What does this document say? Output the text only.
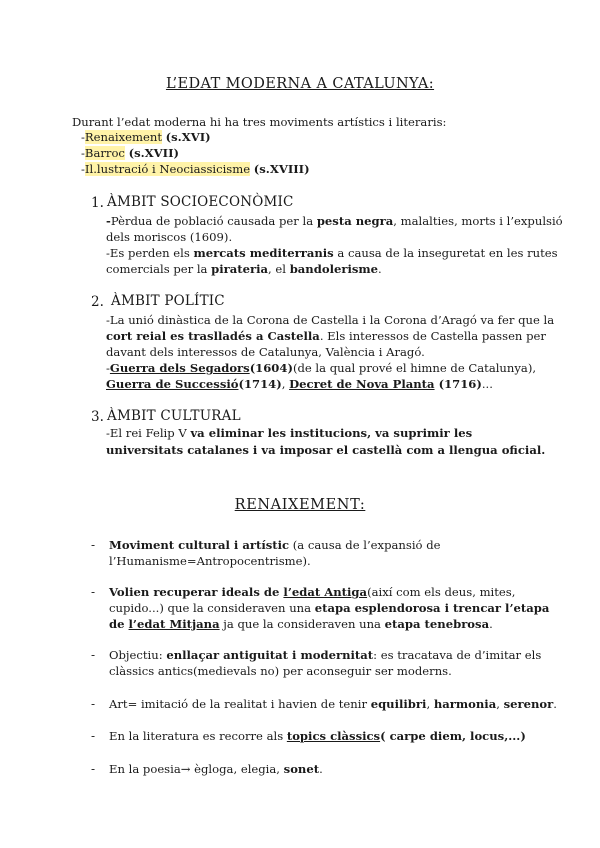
L’EDAT MODERNA A CATALUNYA:
Durant l’edat moderna hi ha tres moviments artístics i literaris:
-Renaixement (s.XVI)
-Barroc (s.XVII)
-Il.lustració i Neociassicisme (s.XVIII)
1. ÀMBIT SOCIOECONÒMIC
-Pèrdua de població causada per la pesta negra, malalties, morts i l’expulsió
dels moriscos (1609).
-Es perden els mercats mediterranis a causa de la inseguretat en les rutes
comercials per la pirateria, el bandolerisme.
2. ÀMBIT POLÍTIC
-La unió dinàstica de la Corona de Castella i la Corona d’Aragó va fer que la
cort reial es traslladés a Castella. Els interessos de Castella passen per
davant dels interessos de Catalunya, València i Aragó.
-Guerra dels Segadors(1604)(de la qual prové el himne de Catalunya),
Guerra de Successió(1714), Decret de Nova Planta (1716)...
3. ÀMBIT CULTURAL
-El rei Felip V va eliminar les institucions, va suprimir les
universitats catalanes i va imposar el castellà com a llengua oficial.
RENAIXEMENT:
- Moviment cultural i artístic (a causa de l’expansió de
l’Humanisme=Antropocentrisme).
- Volien recuperar ideals de l’edat Antiga(així com els deus, mites,
cupido...) que la consideraven una etapa esplendorosa i trencar l’etapa
de l’edat Mitjana ja que la consideraven una etapa tenebrosa.
- Objectiu: enllaçar antiguitat i modernitat: es tracatava de d’imitar els
clàssics antics(medievals no) per aconseguir ser moderns.
- Art= imitació de la realitat i havien de tenir equilibri, harmonia, serenor.
- En la literatura es recorre als topics clàssics( carpe diem, locus,...)
- En la poesia→ ègloga, elegia, sonet.
